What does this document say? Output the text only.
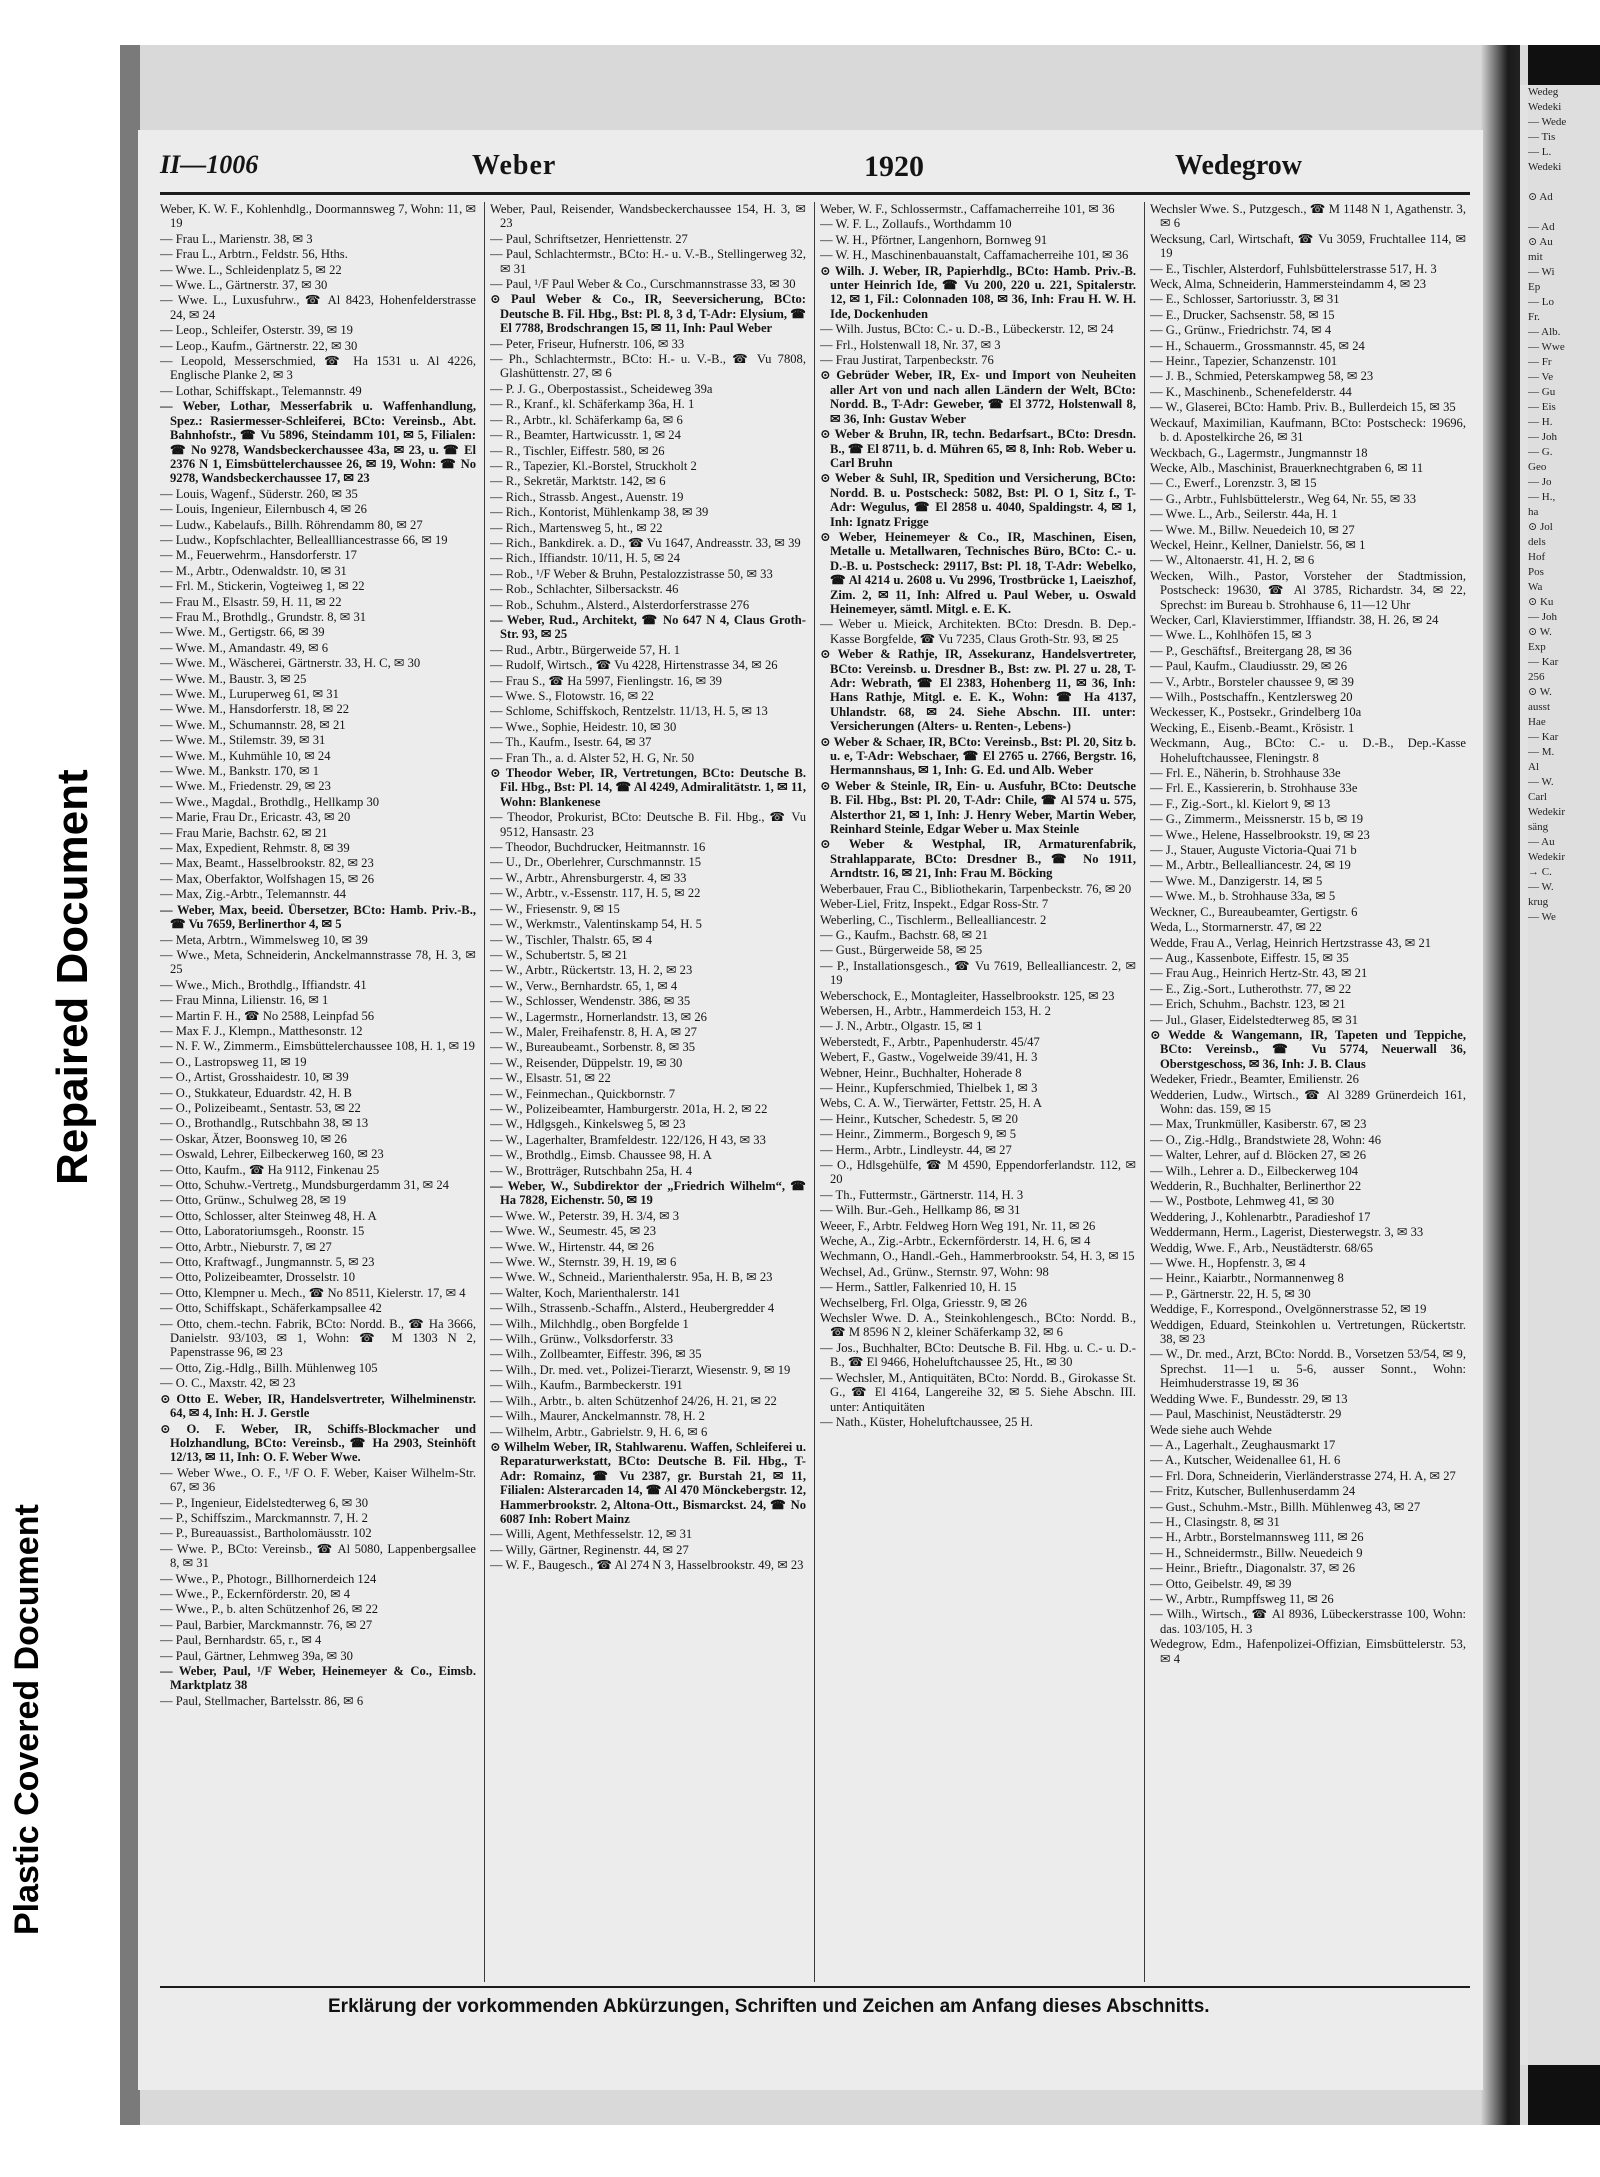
Repaired Document
Plastic Covered Document
II—1006	Weber	1920	Wedegrow

Weber, K. W. F., Kohlenhdlg., Doormannsweg 7, Wohn: 11, ✉ 19

— Frau L., Marienstr. 38, ✉ 3

— Frau L., Arbtrn., Feldstr. 56, Hths.

— Wwe. L., Schleidenplatz 5, ✉ 22

— Wwe. L., Gärtnerstr. 37, ✉ 30

— Wwe. L., Luxusfuhrw., ☎ Al 8423, Hohenfelderstrasse 24, ✉ 24

— Leop., Schleifer, Osterstr. 39, ✉ 19

— Leop., Kaufm., Gärtnerstr. 22, ✉ 30

— Leopold, Messerschmied, ☎ Ha 1531 u. Al 4226, Englische Planke 2, ✉ 3

— Lothar, Schiffskapt., Telemannstr. 49

— Weber, Lothar, Messerfabrik u. Waffenhandlung, Spez.: Rasiermesser-Schleiferei, BCto: Vereinsb., Abt. Bahnhofstr., ☎ Vu 5896, Steindamm 101, ✉ 5, Filialen: ☎ No 9278, Wandsbeckerchaussee 43a, ✉ 23, u. ☎ El 2376 N 1, Eimsbüttelerchaussee 26, ✉ 19, Wohn: ☎ No 9278, Wandsbeckerchaussee 17, ✉ 23

— Louis, Wagenf., Süderstr. 260, ✉ 35

— Louis, Ingenieur, Eilernbusch 4, ✉ 26

— Ludw., Kabelaufs., Billh. Röhrendamm 80, ✉ 27

— Ludw., Kopfschlachter, Belleallliancestrasse 66, ✉ 19

— M., Feuerwehrm., Hansdorferstr. 17

— M., Arbtr., Odenwaldstr. 10, ✉ 31

— Frl. M., Stickerin, Vogteiweg 1, ✉ 22

— Frau M., Elsastr. 59, H. 11, ✉ 22

— Frau M., Brothdlg., Grundstr. 8, ✉ 31

— Wwe. M., Gertigstr. 66, ✉ 39

— Wwe. M., Amandastr. 49, ✉ 6

— Wwe. M., Wäscherei, Gärtnerstr. 33, H. C, ✉ 30

— Wwe. M., Baustr. 3, ✉ 25

— Wwe. M., Luruperweg 61, ✉ 31

— Wwe. M., Hansdorferstr. 18, ✉ 22

— Wwe. M., Schumannstr. 28, ✉ 21

— Wwe. M., Stilemstr. 39, ✉ 31

— Wwe. M., Kuhmühle 10, ✉ 24

— Wwe. M., Bankstr. 170, ✉ 1

— Wwe. M., Friedenstr. 29, ✉ 23

— Wwe., Magdal., Brothdlg., Hellkamp 30

— Marie, Frau Dr., Ericastr. 43, ✉ 20

— Frau Marie, Bachstr. 62, ✉ 21

— Max, Expedient, Rehmstr. 8, ✉ 39

— Max, Beamt., Hasselbrookstr. 82, ✉ 23

— Max, Oberfaktor, Wolfshagen 15, ✉ 26

— Max, Zig.-Arbtr., Telemannstr. 44

— Weber, Max, beeid. Übersetzer, BCto: Hamb. Priv.-B., ☎ Vu 7659, Berlinerthor 4, ✉ 5

— Meta, Arbtrn., Wimmelsweg 10, ✉ 39

— Wwe., Meta, Schneiderin, Anckelmannstrasse 78, H. 3, ✉ 25

— Wwe., Mich., Brothdlg., Iffiandstr. 41

— Frau Minna, Lilienstr. 16, ✉ 1

— Martin F. H., ☎ No 2588, Leinpfad 56

— Max F. J., Klempn., Matthesonstr. 12

— N. F. W., Zimmerm., Eimsbüttelerchaussee 108, H. 1, ✉ 19

— O., Lastropsweg 11, ✉ 19

— O., Artist, Grosshaidestr. 10, ✉ 39

— O., Stukkateur, Eduardstr. 42, H. B

— O., Polizeibeamt., Sentastr. 53, ✉ 22

— O., Brothandlg., Rutschbahn 38, ✉ 13

— Oskar, Ätzer, Boonsweg 10, ✉ 26

— Oswald, Lehrer, Eilbeckerweg 160, ✉ 23

— Otto, Kaufm., ☎ Ha 9112, Finkenau 25

— Otto, Schuhw.-Vertretg., Mundsburgerdamm 31, ✉ 24

— Otto, Grünw., Schulweg 28, ✉ 19

— Otto, Schlosser, alter Steinweg 48, H. A

— Otto, Laboratoriumsgeh., Roonstr. 15

— Otto, Arbtr., Nieburstr. 7, ✉ 27

— Otto, Kraftwagf., Jungmannstr. 5, ✉ 23

— Otto, Polizeibeamter, Drosselstr. 10

— Otto, Klempner u. Mech., ☎ No 8511, Kielerstr. 17, ✉ 4

— Otto, Schiffskapt., Schäferkampsallee 42

— Otto, chem.-techn. Fabrik, BCto: Nordd. B., ☎ Ha 3666, Danielstr. 93/103, ✉ 1, Wohn: ☎ M 1303 N 2, Papenstrasse 96, ✉ 23

— Otto, Zig.-Hdlg., Billh. Mühlenweg 105

— O. C., Maxstr. 42, ✉ 23

⊙ Otto E. Weber, IR, Handelsvertreter, Wilhelminenstr. 64, ✉ 4, Inh: H. J. Gerstle

⊙ O. F. Weber, IR, Schiffs-Blockmacher und Holzhandlung, BCto: Vereinsb., ☎ Ha 2903, Steinhöft 12/13, ✉ 11, Inh: O. F. Weber Wwe.

— Weber Wwe., O. F., ¹/F O. F. Weber, Kaiser Wilhelm-Str. 67, ✉ 36

— P., Ingenieur, Eidelstedterweg 6, ✉ 30

— P., Schiffszim., Marckmannstr. 7, H. 2

— P., Bureauassist., Bartholomäusstr. 102

— Wwe. P., BCto: Vereinsb., ☎ Al 5080, Lappenbergsallee 8, ✉ 31

— Wwe., P., Photogr., Billhornerdeich 124

— Wwe., P., Eckernförderstr. 20, ✉ 4

— Wwe., P., b. alten Schützenhof 26, ✉ 22

— Paul, Barbier, Marckmannstr. 76, ✉ 27

— Paul, Bernhardstr. 65, r., ✉ 4

— Paul, Gärtner, Lehmweg 39a, ✉ 30

— Weber, Paul, ¹/F Weber, Heinemeyer & Co., Eimsb. Marktplatz 38

— Paul, Stellmacher, Bartelsstr. 86, ✉ 6

Weber, Paul, Reisender, Wandsbeckerchaussee 154, H. 3, ✉ 23

— Paul, Schriftsetzer, Henriettenstr. 27

— Paul, Schlachtermstr., BCto: H.- u. V.-B., Stellingerweg 32, ✉ 31

— Paul, ¹/F Paul Weber & Co., Curschmannstrasse 33, ✉ 30

⊙ Paul Weber & Co., IR, Seeversicherung, BCto: Deutsche B. Fil. Hbg., Bst: Pl. 8, 3 d, T-Adr: Elysium, ☎ El 7788, Brodschrangen 15, ✉ 11, Inh: Paul Weber

— Peter, Friseur, Hufnerstr. 106, ✉ 33

— Ph., Schlachtermstr., BCto: H.- u. V.-B., ☎ Vu 7808, Glashüttenstr. 27, ✉ 6

— P. J. G., Oberpostassist., Scheideweg 39a

— R., Kranf., kl. Schäferkamp 36a, H. 1

— R., Arbtr., kl. Schäferkamp 6a, ✉ 6

— R., Beamter, Hartwicusstr. 1, ✉ 24

— R., Tischler, Eiffestr. 580, ✉ 26

— R., Tapezier, Kl.-Borstel, Struckholt 2

— R., Sekretär, Marktstr. 142, ✉ 6

— Rich., Strassb. Angest., Auenstr. 19

— Rich., Kontorist, Mühlenkamp 38, ✉ 39

— Rich., Martensweg 5, ht., ✉ 22

— Rich., Bankdirek. a. D., ☎ Vu 1647, Andreasstr. 33, ✉ 39

— Rich., Iffiandstr. 10/11, H. 5, ✉ 24

— Rob., ¹/F Weber & Bruhn, Pestalozzistrasse 50, ✉ 33

— Rob., Schlachter, Silbersackstr. 46

— Rob., Schuhm., Alsterd., Alsterdorferstrasse 276

— Weber, Rud., Architekt, ☎ No 647 N 4, Claus Groth-Str. 93, ✉ 25

— Rud., Arbtr., Bürgerweide 57, H. 1

— Rudolf, Wirtsch., ☎ Vu 4228, Hirtenstrasse 34, ✉ 26

— Frau S., ☎ Ha 5997, Fienlingstr. 16, ✉ 39

— Wwe. S., Flotowstr. 16, ✉ 22

— Schlome, Schiffskoch, Rentzelstr. 11/13, H. 5, ✉ 13

— Wwe., Sophie, Heidestr. 10, ✉ 30

— Th., Kaufm., Isestr. 64, ✉ 37

— Fran Th., a. d. Alster 52, H. G, Nr. 50

⊙ Theodor Weber, IR, Vertretungen, BCto: Deutsche B. Fil. Hbg., Bst: Pl. 14, ☎ Al 4249, Admiralitätstr. 1, ✉ 11, Wohn: Blankenese

— Theodor, Prokurist, BCto: Deutsche B. Fil. Hbg., ☎ Vu 9512, Hansastr. 23

— Theodor, Buchdrucker, Heitmannstr. 16

— U., Dr., Oberlehrer, Curschmannstr. 15

— W., Arbtr., Ahrensburgerstr. 4, ✉ 33

— W., Arbtr., v.-Essenstr. 117, H. 5, ✉ 22

— W., Friesenstr. 9, ✉ 15

— W., Werkmstr., Valentinskamp 54, H. 5

— W., Tischler, Thalstr. 65, ✉ 4

— W., Schubertstr. 5, ✉ 21

— W., Arbtr., Rückertstr. 13, H. 2, ✉ 23

— W., Verw., Bernhardstr. 65, 1, ✉ 4

— W., Schlosser, Wendenstr. 386, ✉ 35

— W., Lagermstr., Hornerlandstr. 13, ✉ 26

— W., Maler, Freihafenstr. 8, H. A, ✉ 27

— W., Bureaubeamt., Sorbenstr. 8, ✉ 35

— W., Reisender, Düppelstr. 19, ✉ 30

— W., Elsastr. 51, ✉ 22

— W., Feinmechan., Quickbornstr. 7

— W., Polizeibeamter, Hamburgerstr. 201a, H. 2, ✉ 22

— W., Hdlgsgeh., Kinkelsweg 5, ✉ 23

— W., Lagerhalter, Bramfeldestr. 122/126, H 43, ✉ 33

— W., Brothdlg., Eimsb. Chaussee 98, H. A

— W., Brotträger, Rutschbahn 25a, H. 4

— Weber, W., Subdirektor der „Friedrich Wilhelm“, ☎ Ha 7828, Eichenstr. 50, ✉ 19

— Wwe. W., Peterstr. 39, H. 3/4, ✉ 3

— Wwe. W., Seumestr. 45, ✉ 23

— Wwe. W., Hirtenstr. 44, ✉ 26

— Wwe. W., Sternstr. 39, H. 19, ✉ 6

— Wwe. W., Schneid., Marienthalerstr. 95a, H. B, ✉ 23

— Walter, Koch, Marienthalerstr. 141

— Wilh., Strassenb.-Schaffn., Alsterd., Heubergredder 4

— Wilh., Milchhdlg., oben Borgfelde 1

— Wilh., Grünw., Volksdorferstr. 33

— Wilh., Zollbeamter, Eiffestr. 396, ✉ 35

— Wilh., Dr. med. vet., Polizei-Tierarzt, Wiesenstr. 9, ✉ 19

— Wilh., Kaufm., Barmbeckerstr. 191

— Wilh., Arbtr., b. alten Schützenhof 24/26, H. 21, ✉ 22

— Wilh., Maurer, Anckelmannstr. 78, H. 2

— Wilhelm, Arbtr., Gabrielstr. 9, H. 6, ✉ 6

⊙ Wilhelm Weber, IR, Stahlwarenu. Waffen, Schleiferei u. Reparaturwerkstatt, BCto: Deutsche B. Fil. Hbg., T-Adr: Romainz, ☎ Vu 2387, gr. Burstah 21, ✉ 11, Filialen: Alsterarcaden 14, ☎ Al 470 Mönckebergstr. 12, Hammerbrookstr. 2, Altona-Ott., Bismarckst. 24, ☎ No 6087 Inh: Robert Mainz

— Willi, Agent, Methfesselstr. 12, ✉ 31

— Willy, Gärtner, Reginenstr. 44, ✉ 27

— W. F., Baugesch., ☎ Al 274 N 3, Hasselbrookstr. 49, ✉ 23

Weber, W. F., Schlossermstr., Caffamacherreihe 101, ✉ 36

— W. F. L., Zollaufs., Worthdamm 10

— W. H., Pförtner, Langenhorn, Bornweg 91

— W. H., Maschinenbauanstalt, Caffamacherreihe 101, ✉ 36

⊙ Wilh. J. Weber, IR, Papierhdlg., BCto: Hamb. Priv.-B. unter Heinrich Ide, ☎ Vu 200, 220 u. 221, Spitalerstr. 12, ✉ 1, Fil.: Colonnaden 108, ✉ 36, Inh: Frau H. W. H. Ide, Dockenhuden

— Wilh. Justus, BCto: C.- u. D.-B., Lübeckerstr. 12, ✉ 24

— Frl., Holstenwall 18, Nr. 37, ✉ 3

— Frau Justirat, Tarpenbeckstr. 76

⊙ Gebrüder Weber, IR, Ex- und Import von Neuheiten aller Art von und nach allen Ländern der Welt, BCto: Nordd. B., T-Adr: Geweber, ☎ El 3772, Holstenwall 8, ✉ 36, Inh: Gustav Weber

⊙ Weber & Bruhn, IR, techn. Bedarfsart., BCto: Dresdn. B., ☎ El 8711, b. d. Mühren 65, ✉ 8, Inh: Rob. Weber u. Carl Bruhn

⊙ Weber & Suhl, IR, Spedition und Versicherung, BCto: Nordd. B. u. Postscheck: 5082, Bst: Pl. O 1, Sitz f., T-Adr: Wegulus, ☎ El 2858 u. 4040, Spaldingstr. 4, ✉ 1, Inh: Ignatz Frigge

⊙ Weber, Heinemeyer & Co., IR, Maschinen, Eisen, Metalle u. Metallwaren, Technisches Büro, BCto: C.- u. D.-B. u. Postscheck: 29117, Bst: Pl. 18, T-Adr: Webelko, ☎ Al 4214 u. 2608 u. Vu 2996, Trostbrücke 1, Laeiszhof, Zim. 2, ✉ 11, Inh: Alfred u. Paul Weber, u. Oswald Heinemeyer, sämtl. Mitgl. e. E. K.

— Weber u. Mieick, Architekten. BCto: Dresdn. B. Dep.-Kasse Borgfelde, ☎ Vu 7235, Claus Groth-Str. 93, ✉ 25

⊙ Weber & Rathje, IR, Assekuranz, Handelsvertreter, BCto: Vereinsb. u. Dresdner B., Bst: zw. Pl. 27 u. 28, T-Adr: Webrath, ☎ El 2383, Hohenberg 11, ✉ 36, Inh: Hans Rathje, Mitgl. e. E. K., Wohn: ☎ Ha 4137, Uhlandstr. 68, ✉ 24. Siehe Abschn. III. unter: Versicherungen (Alters- u. Renten-, Lebens-)

⊙ Weber & Schaer, IR, BCto: Vereinsb., Bst: Pl. 20, Sitz b. u. e, T-Adr: Webschaer, ☎ El 2765 u. 2766, Bergstr. 16, Hermannshaus, ✉ 1, Inh: G. Ed. und Alb. Weber

⊙ Weber & Steinle, IR, Ein- u. Ausfuhr, BCto: Deutsche B. Fil. Hbg., Bst: Pl. 20, T-Adr: Chile, ☎ Al 574 u. 575, Alsterthor 21, ✉ 1, Inh: J. Henry Weber, Martin Weber, Reinhard Steinle, Edgar Weber u. Max Steinle

⊙ Weber & Westphal, IR, Armaturenfabrik, Strahlapparate, BCto: Dresdner B., ☎ No 1911, Arndtstr. 16, ✉ 21, Inh: Frau M. Böcking

Weberbauer, Frau C., Bibliothekarin, Tarpenbeckstr. 76, ✉ 20

Weber-Liel, Fritz, Inspekt., Edgar Ross-Str. 7

Weberling, C., Tischlerm., Bellealliancestr. 2

— G., Kaufm., Bachstr. 68, ✉ 21

— Gust., Bürgerweide 58, ✉ 25

— P., Installationsgesch., ☎ Vu 7619, Bellealliancestr. 2, ✉ 19

Weberschock, E., Montagleiter, Hasselbrookstr. 125, ✉ 23

Webersen, H., Arbtr., Hammerdeich 153, H. 2

— J. N., Arbtr., Olgastr. 15, ✉ 1

Weberstedt, F., Arbtr., Papenhuderstr. 45/47

Webert, F., Gastw., Vogelweide 39/41, H. 3

Webner, Heinr., Buchhalter, Hoherade 8

— Heinr., Kupferschmied, Thielbek 1, ✉ 3

Webs, C. A. W., Tierwärter, Fettstr. 25, H. A

— Heinr., Kutscher, Schedestr. 5, ✉ 20

— Heinr., Zimmerm., Borgesch 9, ✉ 5

— Herm., Arbtr., Lindleystr. 44, ✉ 27

— O., Hdlsgehülfe, ☎ M 4590, Eppendorferlandstr. 112, ✉ 20

— Th., Futtermstr., Gärtnerstr. 114, H. 3

— Wilh. Bur.-Geh., Hellkamp 86, ✉ 31

Weeer, F., Arbtr. Feldweg Horn Weg 191, Nr. 11, ✉ 26

Weche, A., Zig.-Arbtr., Eckernförderstr. 14, H. 6, ✉ 4

Wechmann, O., Handl.-Geh., Hammerbrookstr. 54, H. 3, ✉ 15

Wechsel, Ad., Grünw., Sternstr. 97, Wohn: 98

— Herm., Sattler, Falkenried 10, H. 15

Wechselberg, Frl. Olga, Griesstr. 9, ✉ 26

Wechsler Wwe. D. A., Steinkohlengesch., BCto: Nordd. B., ☎ M 8596 N 2, kleiner Schäferkamp 32, ✉ 6

— Jos., Buchhalter, BCto: Deutsche B. Fil. Hbg. u. C.- u. D.-B., ☎ El 9466, Hoheluftchaussee 25, Ht., ✉ 30

— Wechsler, M., Antiquitäten, BCto: Nordd. B., Girokasse St. G., ☎ El 4164, Langereihe 32, ✉ 5. Siehe Abschn. III. unter: Antiquitäten

— Nath., Küster, Hoheluftchaussee, 25 H.

Wechsler Wwe. S., Putzgesch., ☎ M 1148 N 1, Agathenstr. 3, ✉ 6

Wecksung, Carl, Wirtschaft, ☎ Vu 3059, Fruchtallee 114, ✉ 19

— E., Tischler, Alsterdorf, Fuhlsbüttelerstrasse 517, H. 3

Weck, Alma, Schneiderin, Hammersteindamm 4, ✉ 23

— E., Schlosser, Sartoriusstr. 3, ✉ 31

— E., Drucker, Sachsenstr. 58, ✉ 15

— G., Grünw., Friedrichstr. 74, ✉ 4

— H., Schauerm., Grossmannstr. 45, ✉ 24

— Heinr., Tapezier, Schanzenstr. 101

— J. B., Schmied, Peterskampweg 58, ✉ 23

— K., Maschinenb., Schenefelderstr. 44

— W., Glaserei, BCto: Hamb. Priv. B., Bullerdeich 15, ✉ 35

Weckauf, Maximilian, Kaufmann, BCto: Postscheck: 19696, b. d. Apostelkirche 26, ✉ 31

Weckbach, G., Lagermstr., Jungmannstr 18

Wecke, Alb., Maschinist, Brauerknechtgraben 6, ✉ 11

— C., Ewerf., Lorenzstr. 3, ✉ 15

— G., Arbtr., Fuhlsbüttelerstr., Weg 64, Nr. 55, ✉ 33

— Wwe. L., Arb., Seilerstr. 44a, H. 1

— Wwe. M., Billw. Neuedeich 10, ✉ 27

Weckel, Heinr., Kellner, Danielstr. 56, ✉ 1

— W., Altonaerstr. 41, H. 2, ✉ 6

Wecken, Wilh., Pastor, Vorsteher der Stadtmission, Postscheck: 19630, ☎ Al 3785, Richardstr. 34, ✉ 22, Sprechst: im Bureau b. Strohhause 6, 11—12 Uhr

Wecker, Carl, Klavierstimmer, Iffiandstr. 38, H. 26, ✉ 24

— Wwe. L., Kohlhöfen 15, ✉ 3

— P., Geschäftsf., Breitergang 28, ✉ 36

— Paul, Kaufm., Claudiusstr. 29, ✉ 26

— V., Arbtr., Borsteler chaussee 9, ✉ 39

— Wilh., Postschaffn., Kentzlersweg 20

Weckesser, K., Postsekr., Grindelberg 10a

Wecking, E., Eisenb.-Beamt., Krösistr. 1

Weckmann, Aug., BCto: C.- u. D.-B., Dep.-Kasse Hoheluftchaussee, Fleningstr. 8

— Frl. E., Näherin, b. Strohhause 33e

— Frl. E., Kassiererin, b. Strohhause 33e

— F., Zig.-Sort., kl. Kielort 9, ✉ 13

— G., Zimmerm., Meissnerstr. 15 b, ✉ 19

— Wwe., Helene, Hasselbrookstr. 19, ✉ 23

— J., Stauer, Auguste Victoria-Quai 71 b

— M., Arbtr., Bellealliancestr. 24, ✉ 19

— Wwe. M., Danzigerstr. 14, ✉ 5

— Wwe. M., b. Strohhause 33a, ✉ 5

Weckner, C., Bureaubeamter, Gertigstr. 6

Weda, L., Stormarnerstr. 47, ✉ 22

Wedde, Frau A., Verlag, Heinrich Hertzstrasse 43, ✉ 21

— Aug., Kassenbote, Eiffestr. 15, ✉ 35

— Frau Aug., Heinrich Hertz-Str. 43, ✉ 21

— E., Zig.-Sort., Lutherothstr. 77, ✉ 22

— Erich, Schuhm., Bachstr. 123, ✉ 21

— Jul., Glaser, Eidelstedterweg 85, ✉ 31

⊙ Wedde & Wangemann, IR, Tapeten und Teppiche, BCto: Vereinsb., ☎ Vu 5774, Neuerwall 36, Oberstgeschoss, ✉ 36, Inh: J. B. Claus

Wedeker, Friedr., Beamter, Emilienstr. 26

Wedderien, Ludw., Wirtsch., ☎ Al 3289 Grünerdeich 161, Wohn: das. 159, ✉ 15

— Max, Trunkmüller, Kasiberstr. 67, ✉ 23

— O., Zig.-Hdlg., Brandstwiete 28, Wohn: 46

— Walter, Lehrer, auf d. Blöcken 27, ✉ 26

— Wilh., Lehrer a. D., Eilbeckerweg 104

Wedderin, R., Buchhalter, Berlinerthor 22

— W., Postbote, Lehmweg 41, ✉ 30

Weddering, J., Kohlenarbtr., Paradieshof 17

Weddermann, Herm., Lagerist, Diesterwegstr. 3, ✉ 33

Weddig, Wwe. F., Arb., Neustädterstr. 68/65

— Wwe. H., Hopfenstr. 3, ✉ 4

— Heinr., Kaiarbtr., Normannenweg 8

— P., Gärtnerstr. 22, H. 5, ✉ 30

Weddige, F., Korrespond., Ovelgönnerstrasse 52, ✉ 19

Weddigen, Eduard, Steinkohlen u. Vertretungen, Rückertstr. 38, ✉ 23

— W., Dr. med., Arzt, BCto: Nordd. B., Vorsetzen 53/54, ✉ 9, Sprechst. 11—1 u. 5-6, ausser Sonnt., Wohn: Heimhuderstrasse 19, ✉ 36

Wedding Wwe. F., Bundesstr. 29, ✉ 13

— Paul, Maschinist, Neustädterstr. 29

Wede siehe auch Wehde

— A., Lagerhalt., Zeughausmarkt 17

— A., Kutscher, Weidenallee 61, H. 6

— Frl. Dora, Schneiderin, Vierländerstrasse 274, H. A, ✉ 27

— Fritz, Kutscher, Bullenhuserdamm 24

— Gust., Schuhm.-Mstr., Billh. Mühlenweg 43, ✉ 27

— H., Clasingstr. 8, ✉ 31

— H., Arbtr., Borstelmannsweg 111, ✉ 26

— H., Schneidermstr., Billw. Neuedeich 9

— Heinr., Brieftr., Diagonalstr. 37, ✉ 26

— Otto, Geibelstr. 49, ✉ 39

— W., Arbtr., Rumpffsweg 11, ✉ 26

— Wilh., Wirtsch., ☎ Al 8936, Lübeckerstrasse 100, Wohn: das. 103/105, H. 3

Wedegrow, Edm., Hafenpolizei-Offizian, Eimsbüttelerstr. 53, ✉ 4

Erklärung der vorkommenden Abkürzungen, Schriften und Zeichen am Anfang dieses Abschnitts.

Wedeg

Wedeki

— Wede

— Tis

— L.

Wedeki

⊙ Ad

— Ad

⊙ Au

mit

— Wi

Ep

— Lo

Fr.

— Alb.

— Wwe

— Fr

— Ve

— Gu

— Eis

— H.

— Joh

— G.

Geo

— Jo

— H.,

ha

⊙ Jol

dels

Hof

Pos

Wa

⊙ Ku

— Joh

⊙ W.

Exp

— Kar

256

⊙ W.

ausst

Hae

— Kar

— M.

Al

— W.

Carl

Wedekir

säng

— Au

Wedekir

→ C.

— W.

krug

— We
